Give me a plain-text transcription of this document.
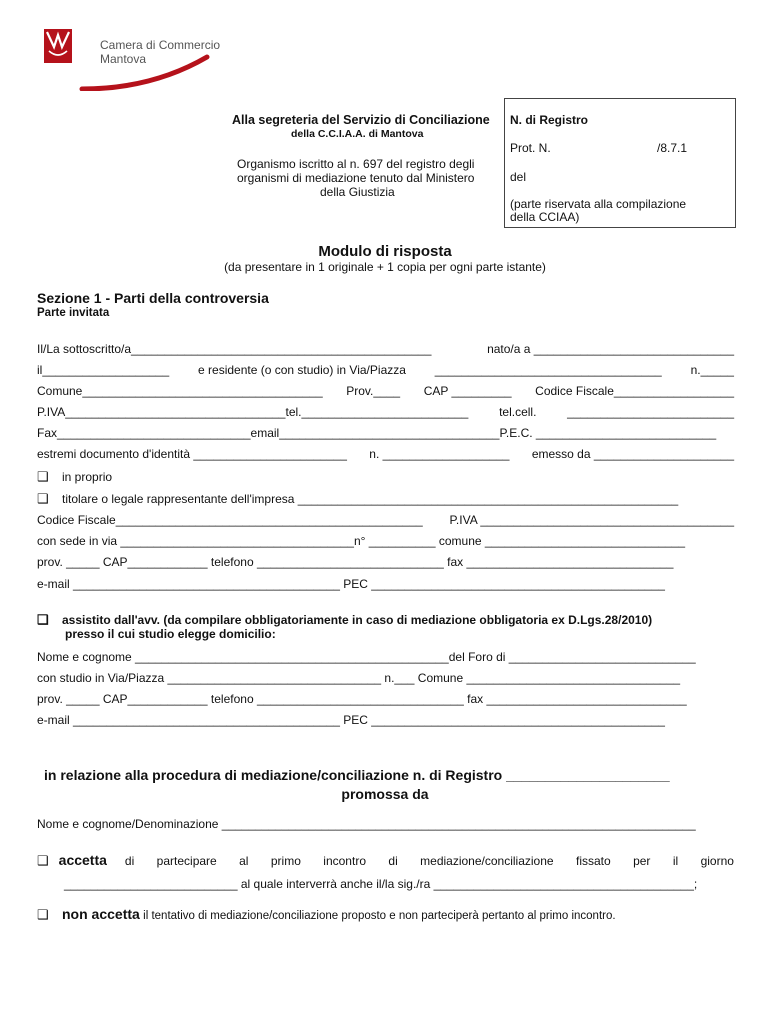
Camera di Commercio
Mantova
Alla segreteria del Servizio di Conciliazione
della C.C.I.A.A. di Mantova
Organismo iscritto al n. 697 del registro degli
organismi di mediazione tenuto dal Ministero
della Giustizia
N. di Registro
Prot. N.	/8.7.1
del
(parte riservata alla compilazione
della CCIAA)
Modulo di risposta
(da presentare in 1 originale + 1 copia per ogni parte istante)
Sezione 1 - Parti della controversia
Parte invitata
Il/La sottoscritto/a_____________________________________________	nato/a a ______________________________
il___________________ e residente (o con studio) in Via/Piazza __________________________________ n._____
Comune____________________________________ Prov.____ CAP _________ Codice Fiscale__________________
P.IVA_________________________________tel._________________________	tel.cell.	_________________________
Fax_____________________________email_________________________________P.E.C. ___________________________
estremi documento d'identità _______________________ n. ___________________ emesso da _____________________
❑ in proprio
❑ titolare o legale rappresentante dell'impresa _________________________________________________________
Codice Fiscale______________________________________________ P.IVA ______________________________________
con sede in via ___________________________________n° __________ comune ______________________________
prov. _____ CAP____________ telefono ____________________________ fax _______________________________
e-mail ________________________________________ PEC ____________________________________________
❑ assistito dall'avv. (da compilare obbligatoriamente in caso di mediazione obbligatoria ex D.Lgs.28/2010)
presso il cui studio elegge domicilio:
Nome e cognome _______________________________________________del Foro di ____________________________
con studio in Via/Piazza ________________________________ n.___ Comune ________________________________
prov. _____ CAP____________ telefono _______________________________ fax ______________________________
e-mail ________________________________________ PEC ____________________________________________
in relazione alla procedura di mediazione/conciliazione n. di Registro _____________________
promossa da
Nome e cognome/Denominazione _______________________________________________________________________
❑ accetta di partecipare al primo incontro di mediazione/conciliazione fissato per il giorno
__________________________ al quale interverrà anche il/la sig./ra _______________________________________;
❑ non accetta il tentativo di mediazione/conciliazione proposto e non parteciperà pertanto al primo incontro.
